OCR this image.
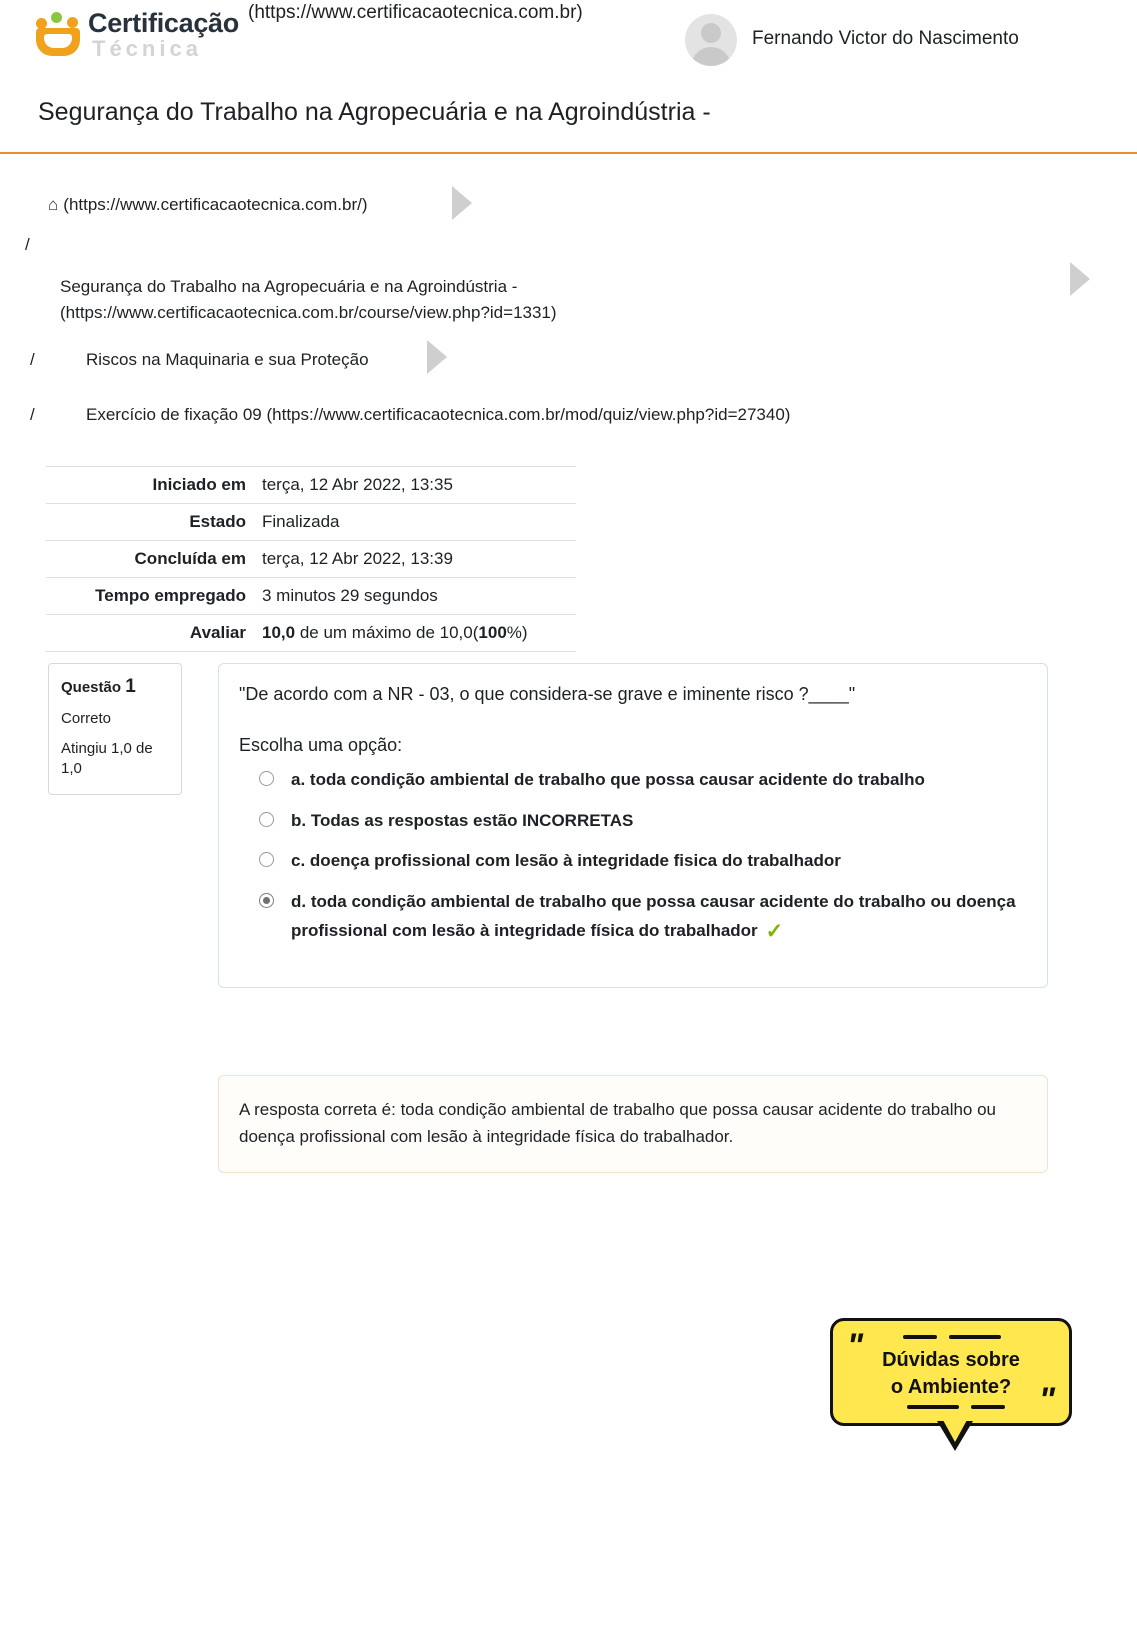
Certificação
Técnica
(https://www.certificacaotecnica.com.br)
Fernando Victor do Nascimento
Segurança do Trabalho na Agropecuária e na Agroindústria -
⌂ (https://www.certificacaotecnica.com.br/)
/
Segurança do Trabalho na Agropecuária e na Agroindústria - (https://www.certificacaotecnica.com.br/course/view.php?id=1331)
/	Riscos na Maquinaria e sua Proteção
/	Exercício de fixação 09 (https://www.certificacaotecnica.com.br/mod/quiz/view.php?id=27340)
Iniciado em	terça, 12 Abr 2022, 13:35
Estado	Finalizada
Concluída em	terça, 12 Abr 2022, 13:39
Tempo empregado	3 minutos 29 segundos
Avaliar	10,0 de um máximo de 10,0(100%)
Questão 1
Correto
Atingiu 1,0 de 1,0

"De acordo com a NR - 03, o que considera-se grave e iminente risco ?____"

Escolha uma opção:

a. toda condição ambiental de trabalho que possa causar acidente do trabalho
b. Todas as respostas estão INCORRETAS
c. doença profissional com lesão à integridade fisica do trabalhador
d. toda condição ambiental de trabalho que possa causar acidente do trabalho ou doença profissional com lesão à integridade física do trabalhador ✓
A resposta correta é: toda condição ambiental de trabalho que possa causar acidente do trabalho ou doença profissional com lesão à integridade física do trabalhador.
" Dúvidas sobre
o Ambiente? "
